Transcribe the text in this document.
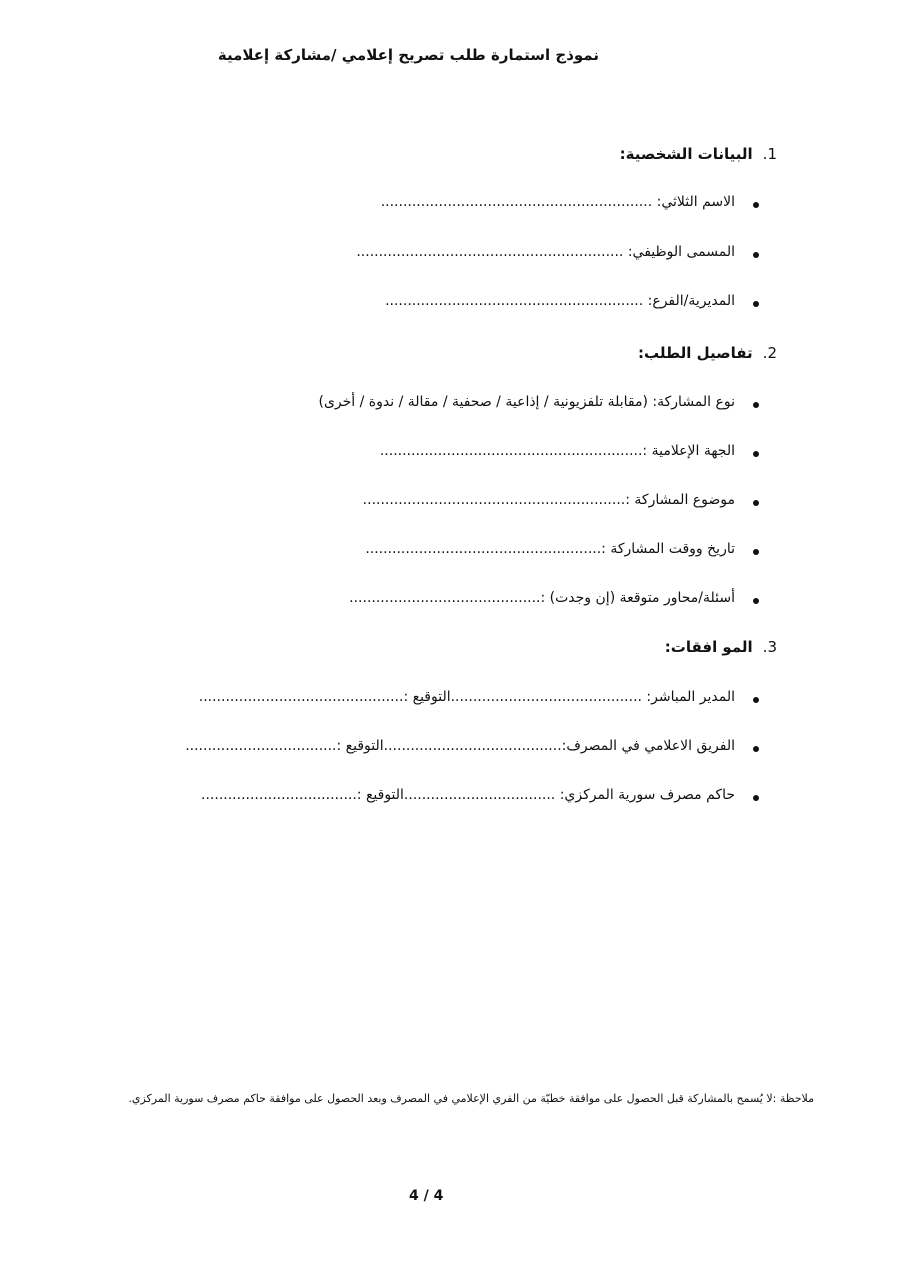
نموذج استمارة طلب تصريح إعلامي /مشاركة إعلامية
1.البيانات الشخصية:
الاسم الثلاثي: .............................................................
المسمى الوظيفي: ............................................................
المديرية/الفرع: ..........................................................
2.تفاصيل الطلب:
نوع المشاركة: (مقابلة تلفزيونية / إذاعية / صحفية / مقالة / ندوة / أخرى)
الجهة الإعلامية :...........................................................
موضوع المشاركة :...........................................................
تاريخ ووقت المشاركة :.....................................................
أسئلة/محاور متوقعة (إن وجدت) :...........................................
3.المو افقات:
المدير المباشر: ...........................................التوقيع :..............................................
الفريق الاعلامي في المصرف:........................................التوقيع :..................................
حاكم مصرف سورية المركزي: ..................................التوقيع :...................................
ملاحظة :لا يُسمح بالمشاركة قبل الحصول على موافقة خطيّة من الفري الإعلامي في المصرف وبعد الحصول على موافقة حاكم مصرف سورية المركزي.
4 / 4
